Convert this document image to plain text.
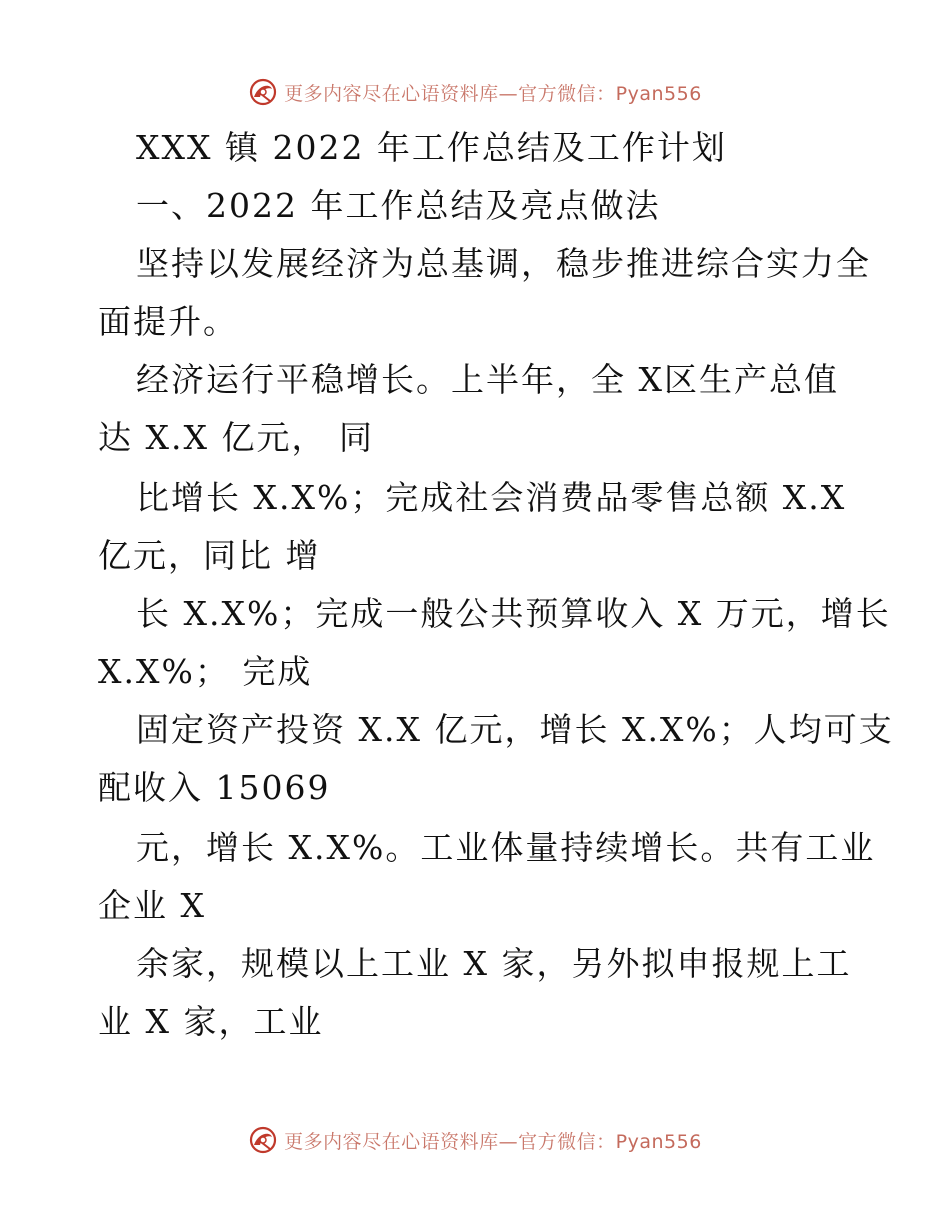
更多内容尽在心语资料库—官方微信：Pyan556
XXX 镇 2022 年工作总结及工作计划
一、2022 年工作总结及亮点做法
坚持以发展经济为总基调，稳步推进综合实力全
面提升。
经济运行平稳增长。上半年，全 X区生产总值
达 X.X 亿元， 同
比增长 X.X%；完成社会消费品零售总额 X.X
亿元，同比 增
长 X.X%；完成一般公共预算收入 X 万元，增长
X.X%； 完成
固定资产投资 X.X 亿元，增长 X.X%；人均可支
配收入 15069
元，增长 X.X%。工业体量持续增长。共有工业
企业 X
余家，规模以上工业 X 家，另外拟申报规上工
业 X 家，工业
更多内容尽在心语资料库—官方微信：Pyan556
